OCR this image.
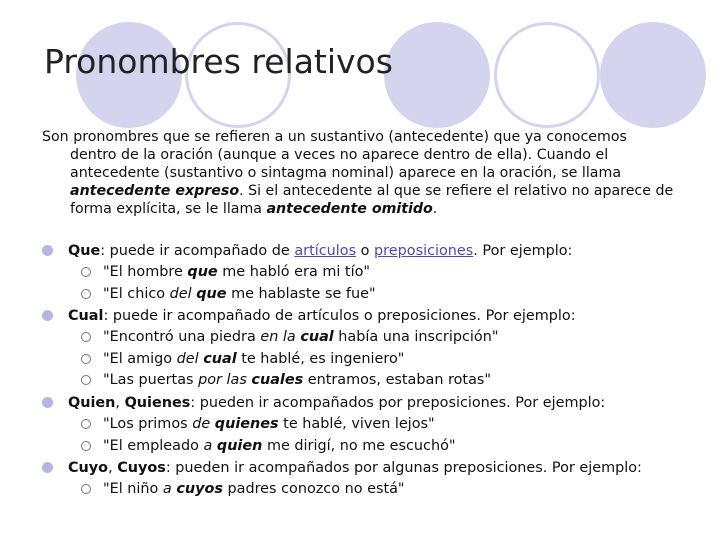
Pronombres relativos
Son pronombres que se refieren a un sustantivo (antecedente) que ya conocemos
dentro de la oración (aunque a veces no aparece dentro de ella). Cuando el antecedente (sustantivo o sintagma nominal) aparece en la oración, se llama antecedente expreso. Si el antecedente al que se refiere el relativo no aparece de forma explícita, se le llama antecedente omitido.
Que: puede ir acompañado de artículos o preposiciones. Por ejemplo:
"El hombre que me habló era mi tío"
"El chico del que me hablaste se fue"
Cual: puede ir acompañado de artículos o preposiciones. Por ejemplo:
"Encontró una piedra en la cual había una inscripción"
"El amigo del cual te hablé, es ingeniero"
"Las puertas por las cuales entramos, estaban rotas"
Quien, Quienes: pueden ir acompañados por preposiciones. Por ejemplo:
"Los primos de quienes te hablé, viven lejos"
"El empleado a quien me dirigí, no me escuchó"
Cuyo, Cuyos: pueden ir acompañados por algunas preposiciones. Por ejemplo:
"El niño a cuyos padres conozco no está"
